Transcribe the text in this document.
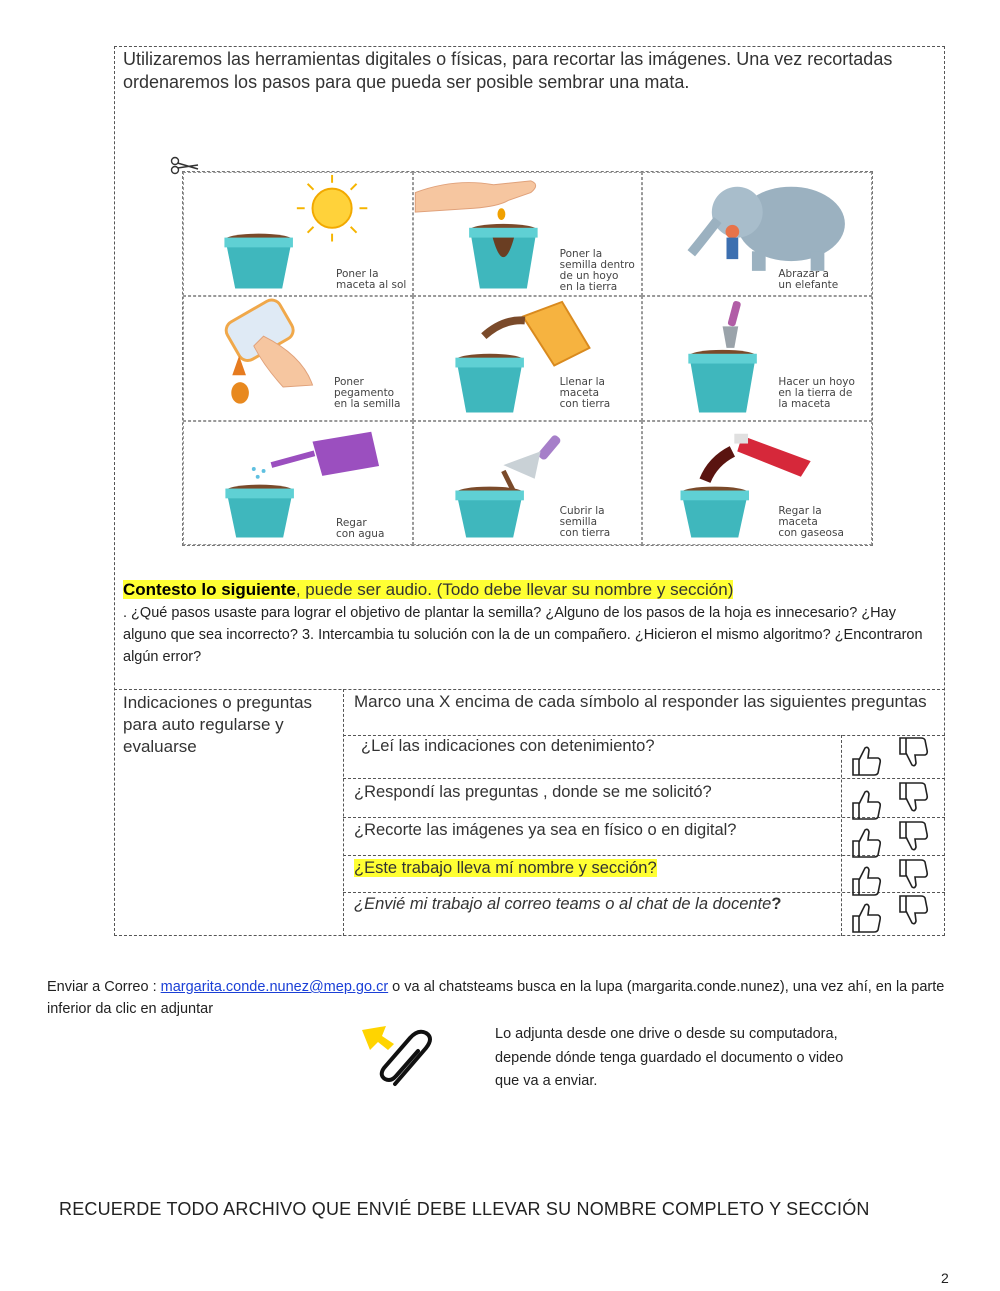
Utilizaremos las herramientas digitales o físicas, para recortar las imágenes. Una vez recortadas ordenaremos los pasos para que pueda ser posible sembrar una mata.
Poner la
maceta al sol
Poner la
semilla dentro
de un hoyo
en la tierra
Abrazar a
un elefante
Poner
pegamento
en la semilla
Llenar la
maceta
con tierra
Hacer un hoyo
en la tierra de
la maceta
Regar
con agua
Cubrir la
semilla
con tierra
Regar la
maceta
con gaseosa
Contesto lo siguiente, puede ser audio. (Todo debe llevar su nombre y sección)
. ¿Qué pasos usaste para lograr el objetivo de plantar la semilla? ¿Alguno de los pasos de la hoja es innecesario? ¿Hay alguno que sea incorrecto? 3. Intercambia tu solución con la de un compañero. ¿Hicieron el mismo algoritmo? ¿Encontraron algún error?
Indicaciones o preguntas para auto regularse y evaluarse
Marco una X encima de cada símbolo al responder las siguientes preguntas
¿Leí las indicaciones con detenimiento?
¿Respondí las preguntas , donde se me solicitó?
¿Recorte las imágenes ya sea en físico o en digital?
¿Este trabajo lleva mí nombre y sección?
¿Envié mi trabajo al correo teams o al chat de la docente?
Enviar a Correo : margarita.conde.nunez@mep.go.cr o va al chatsteams busca en la lupa (margarita.conde.nunez), una vez ahí, en la parte inferior da clic en adjuntar
Lo adjunta desde one drive o desde su computadora, depende dónde tenga guardado el documento o video que va a enviar.
RECUERDE TODO ARCHIVO QUE ENVIÉ DEBE LLEVAR SU NOMBRE COMPLETO Y SECCIÓN
2
